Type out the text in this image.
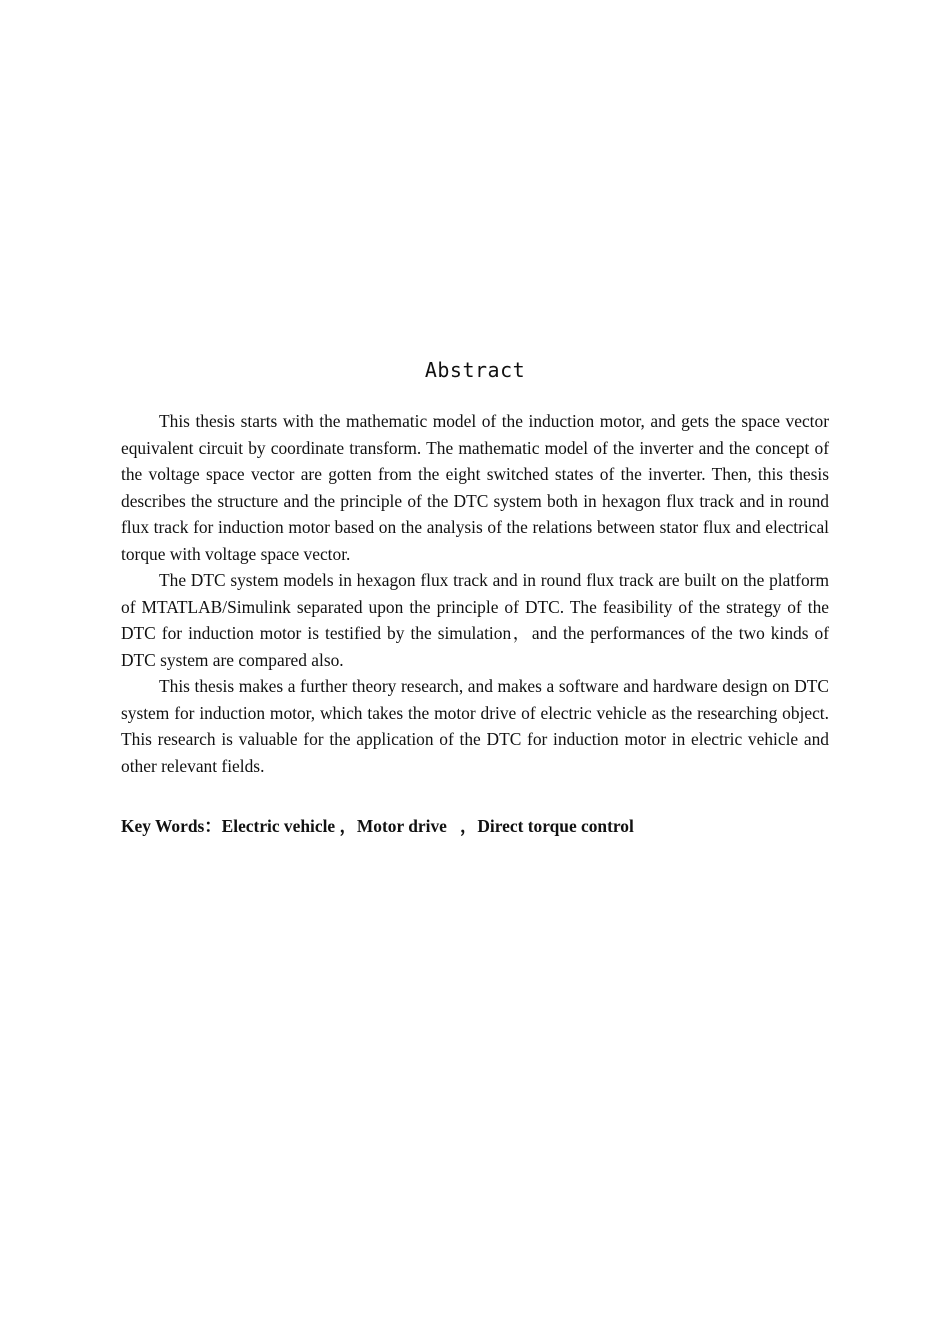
Abstract

This thesis starts with the mathematic model of the induction motor, and gets the space vector equivalent circuit by coordinate transform. The mathematic model of the inverter and the concept of the voltage space vector are gotten from the eight switched states of the inverter. Then, this thesis describes the structure and the principle of the DTC system both in hexagon flux track and in round flux track for induction motor based on the analysis of the relations between stator flux and electrical torque with voltage space vector.

The DTC system models in hexagon flux track and in round flux track are built on the platform of MTATLAB/Simulink separated upon the principle of DTC. The feasibility of the strategy of the DTC for induction motor is testified by the simulation，and the performances of the two kinds of DTC system are compared also.

This thesis makes a further theory research, and makes a software and hardware design on DTC system for induction motor, which takes the motor drive of electric vehicle as the researching object. This research is valuable for the application of the DTC for induction motor in electric vehicle and other relevant fields.

Key Words：Electric vehicle ，Motor drive ，Direct torque control
